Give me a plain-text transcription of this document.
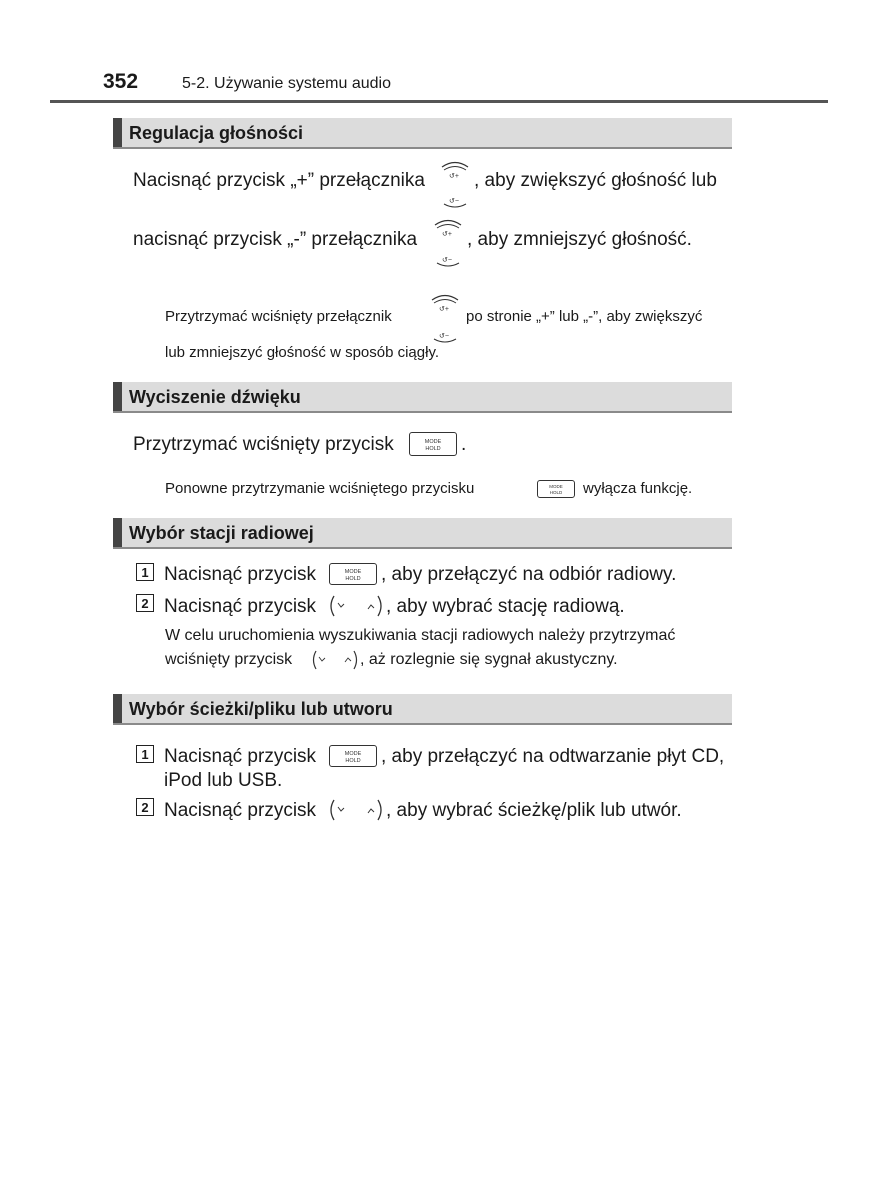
352	5-2. Używanie systemu audio
Regulacja głośności
Nacisnąć przycisk „+” przełącznika	↺+
↺−
, aby zwiększyć głośność lub
nacisnąć przycisk „-” przełącznika	↺+
↺−
, aby zmniejszyć głośność.
Przytrzymać wciśnięty przełącznik	↺+
↺−
po stronie „+” lub „-”, aby zwiększyć
lub zmniejszyć głośność w sposób ciągły.
Wyciszenie dźwięku
Przytrzymać wciśnięty przycisk	MODE
HOLD .
Ponowne przytrzymanie wciśniętego przycisku	MODE
HOLD wyłącza funkcję.
Wybór stacji radiowej
1 Nacisnąć przycisk	MODE
HOLD , aby przełączyć na odbiór radiowy.
2 Nacisnąć przycisk	, aby wybrać stację radiową.
W celu uruchomienia wyszukiwania stacji radiowych należy przytrzymać
wciśnięty przycisk	, aż rozlegnie się sygnał akustyczny.
Wybór ścieżki/pliku lub utworu
1 Nacisnąć przycisk	MODE
HOLD , aby przełączyć na odtwarzanie płyt CD,
iPod lub USB.
2 Nacisnąć przycisk	, aby wybrać ścieżkę/plik lub utwór.
